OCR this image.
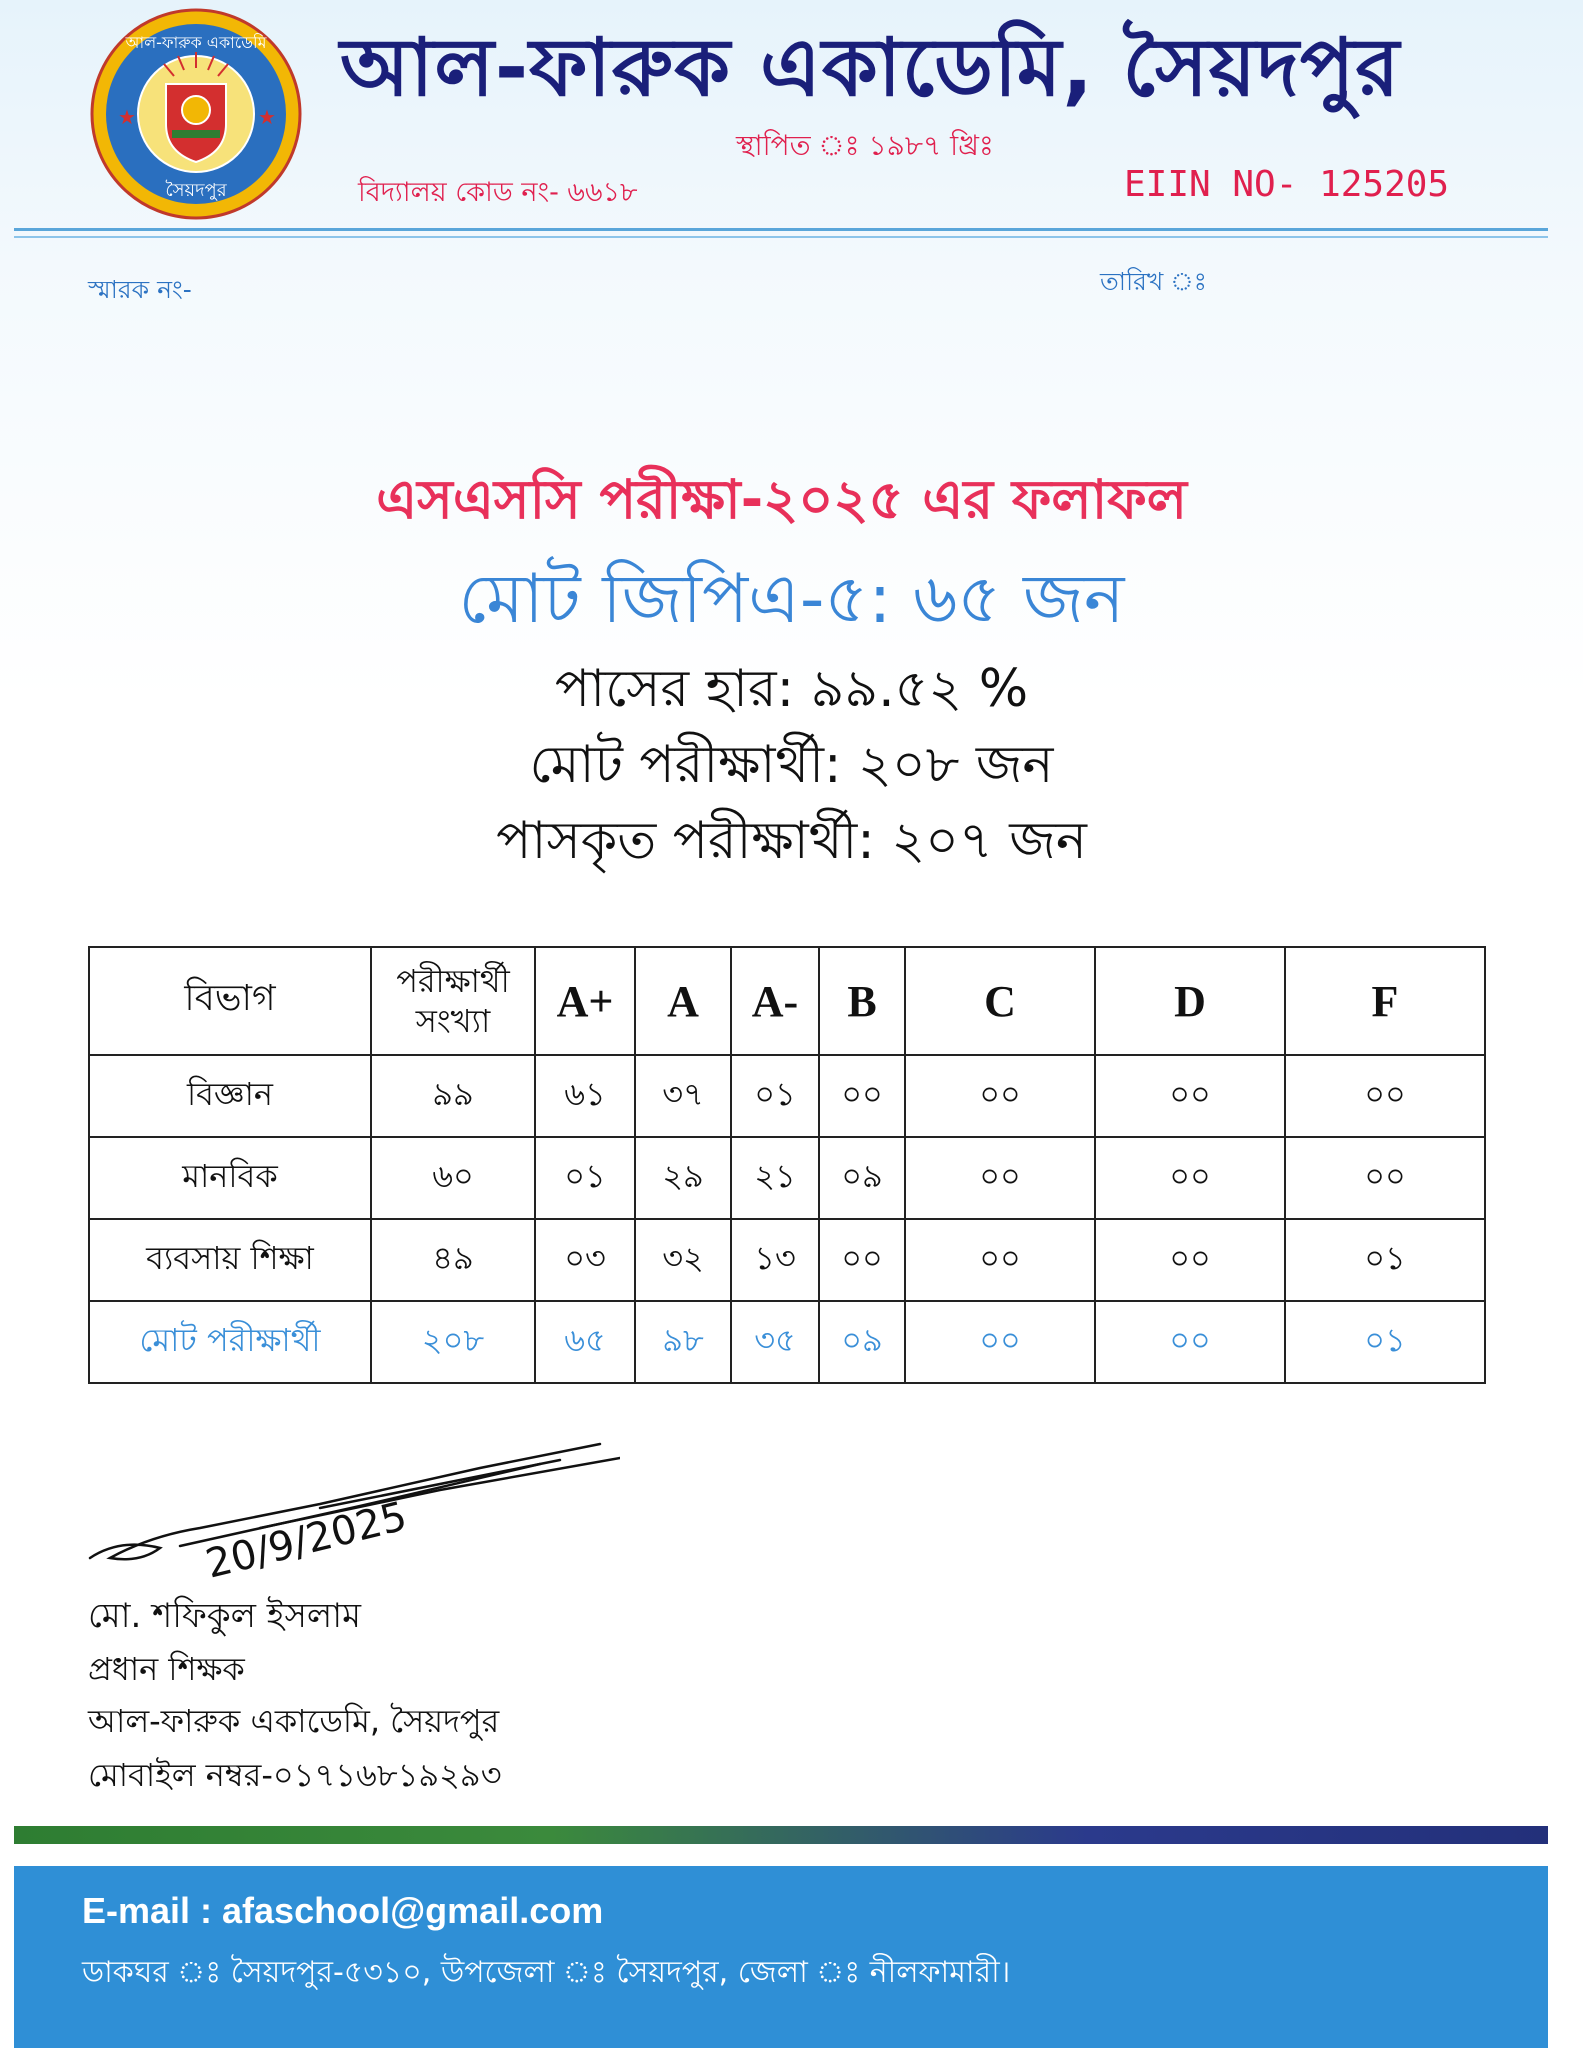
★	★
আল-ফারুক একাডেমি
সৈয়দপুর
আল-ফারুক একাডেমি, সৈয়দপুর
স্থাপিত ঃ ১৯৮৭ খ্রিঃ
বিদ্যালয় কোড নং- ৬৬১৮	EIIN NO- 125205
স্মারক নং-	তারিখ ঃ
এসএসসি পরীক্ষা-২০২৫ এর ফলাফল
মোট জিপিএ-৫: ৬৫ জন
পাসের হার: ৯৯.৫২ %
মোট পরীক্ষার্থী: ২০৮ জন
পাসকৃত পরীক্ষার্থী: ২০৭ জন
বিভাগ	পরীক্ষার্থী সংখ্যা	A+	A	A-	B	C	D	F
বিজ্ঞান	৯৯	৬১	৩৭	০১	০০	০০	০০	০০
মানবিক	৬০	০১	২৯	২১	০৯	০০	০০	০০
ব্যবসায় শিক্ষা	৪৯	০৩	৩২	১৩	০০	০০	০০	০১
মোট পরীক্ষার্থী	২০৮	৬৫	৯৮	৩৫	০৯	০০	০০	০১
20/9/2025
মো. শফিকুল ইসলাম
প্রধান শিক্ষক
আল-ফারুক একাডেমি, সৈয়দপুর
মোবাইল নম্বর-০১৭১৬৮১৯২৯৩
E-mail : afaschool@gmail.com
ডাকঘর ঃ সৈয়দপুর-৫৩১০, উপজেলা ঃ সৈয়দপুর, জেলা ঃ নীলফামারী।
